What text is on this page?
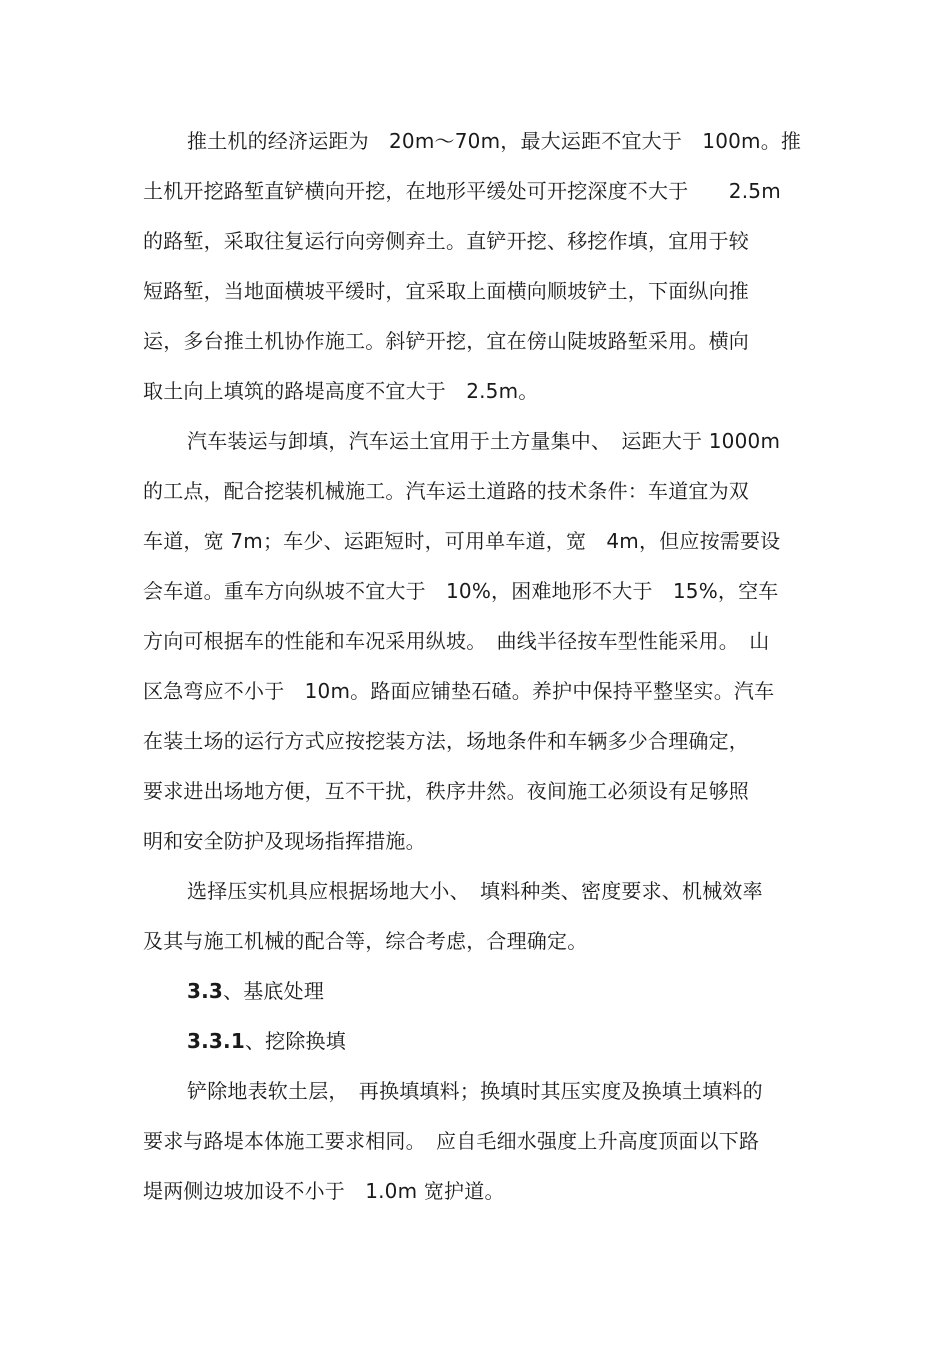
推土机的经济运距为　20m～70m，最大运距不宜大于　100m。推
土机开挖路堑直铲横向开挖，在地形平缓处可开挖深度不大于　　2.5m
的路堑，采取往复运行向旁侧弃土。直铲开挖、移挖作填，宜用于较
短路堑，当地面横坡平缓时，宜采取上面横向顺坡铲土，下面纵向推
运，多台推土机协作施工。斜铲开挖，宜在傍山陡坡路堑采用。横向
取土向上填筑的路堤高度不宜大于　2.5m。
汽车装运与卸填，汽车运土宜用于土方量集中、　运距大于 1000m
的工点，配合挖装机械施工。汽车运土道路的技术条件：车道宜为双
车道，宽 7m；车少、运距短时，可用单车道，宽　4m，但应按需要设
会车道。重车方向纵坡不宜大于　10%，困难地形不大于　15%，空车
方向可根据车的性能和车况采用纵坡。　曲线半径按车型性能采用。　山
区急弯应不小于　10m。路面应铺垫石碴。养护中保持平整坚实。汽车
在装土场的运行方式应按挖装方法，场地条件和车辆多少合理确定，
要求进出场地方便，互不干扰，秩序井然。夜间施工必须设有足够照
明和安全防护及现场指挥措施。
选择压实机具应根据场地大小、　填料种类、密度要求、机械效率
及其与施工机械的配合等，综合考虑，合理确定。
3.3、基底处理
3.3.1、挖除换填
铲除地表软土层，　再换填填料；换填时其压实度及换填土填料的
要求与路堤本体施工要求相同。　应自毛细水强度上升高度顶面以下路
堤两侧边坡加设不小于　1.0m 宽护道。
